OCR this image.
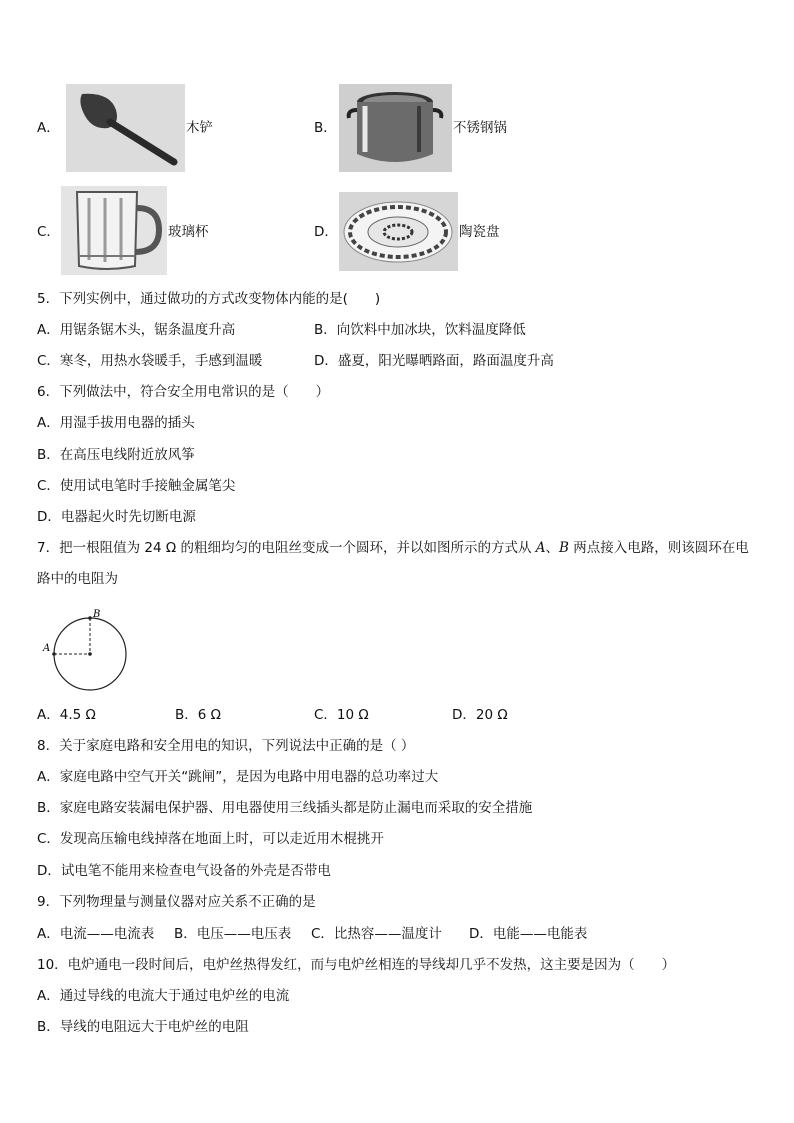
A．	木铲	B．	不锈钢锅
C．	玻璃杯	D．	陶瓷盘
5．下列实例中，通过做功的方式改变物体内能的是(　　)
A．用锯条锯木头，锯条温度升高	B．向饮料中加冰块，饮料温度降低
C．寒冬，用热水袋暖手，手感到温暖	D．盛夏，阳光曝晒路面，路面温度升高
6．下列做法中，符合安全用电常识的是（　　）
A．用湿手拔用电器的插头
B．在高压电线附近放风筝
C．使用试电笔时手接触金属笔尖
D．电器起火时先切断电源
7．把一根阻值为 24 Ω 的粗细均匀的电阻丝变成一个圆环，并以如图所示的方式从 A、B 两点接入电路，则该圆环在电
路中的电阻为
A
B
A．4.5 Ω	B．6 Ω	C．10 Ω	D．20 Ω
8．关于家庭电路和安全用电的知识，下列说法中正确的是（ ）
A．家庭电路中空气开关“跳闸”，是因为电路中用电器的总功率过大
B．家庭电路安装漏电保护器、用电器使用三线插头都是防止漏电而采取的安全措施
C．发现高压输电线掉落在地面上时，可以走近用木棍挑开
D．试电笔不能用来检查电气设备的外壳是否带电
9．下列物理量与测量仪器对应关系不正确的是
A．电流——电流表 B．电压——电压表 C．比热容——温度计 D．电能——电能表
10．电炉通电一段时间后，电炉丝热得发红，而与电炉丝相连的导线却几乎不发热，这主要是因为（　　）
A．通过导线的电流大于通过电炉丝的电流
B．导线的电阻远大于电炉丝的电阻
